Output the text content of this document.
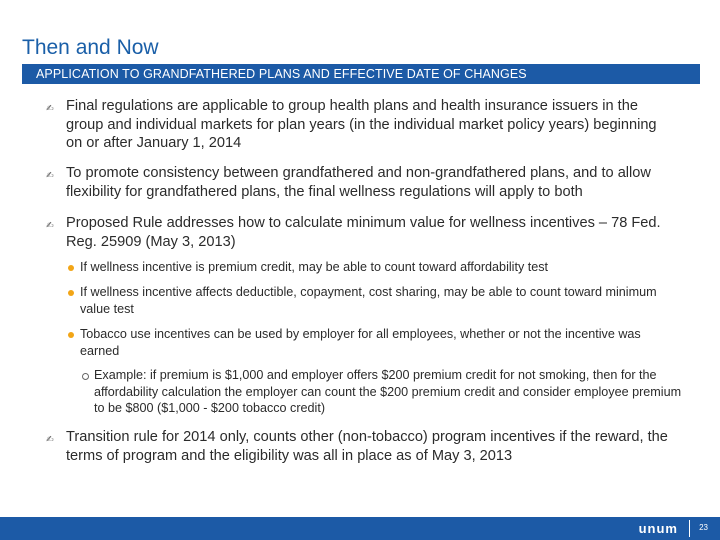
Then and Now
APPLICATION TO GRANDFATHERED PLANS AND EFFECTIVE DATE OF CHANGES
✍ Final regulations are applicable to group health plans and health insurance issuers in the group and individual markets for plan years (in the individual market policy years) beginning on or after January 1, 2014
✍ To promote consistency between grandfathered and non-grandfathered plans, and to allow flexibility for grandfathered plans, the final wellness regulations will apply to both
✍ Proposed Rule addresses how to calculate minimum value for wellness incentives – 78 Fed. Reg. 25909 (May 3, 2013)
If wellness incentive is premium credit, may be able to count toward affordability test
If wellness incentive affects deductible, copayment, cost sharing, may be able to count toward minimum value test
Tobacco use incentives can be used by employer for all employees, whether or not the incentive was earned
Example: if premium is $1,000 and employer offers $200 premium credit for not smoking, then for the affordability calculation the employer can count the $200 premium credit and consider employee premium to be $800 ($1,000 - $200 tobacco credit)
✍ Transition rule for 2014 only, counts other (non-tobacco) program incentives if the reward, the terms of program and the eligibility was all in place as of May 3, 2013
unum	23
